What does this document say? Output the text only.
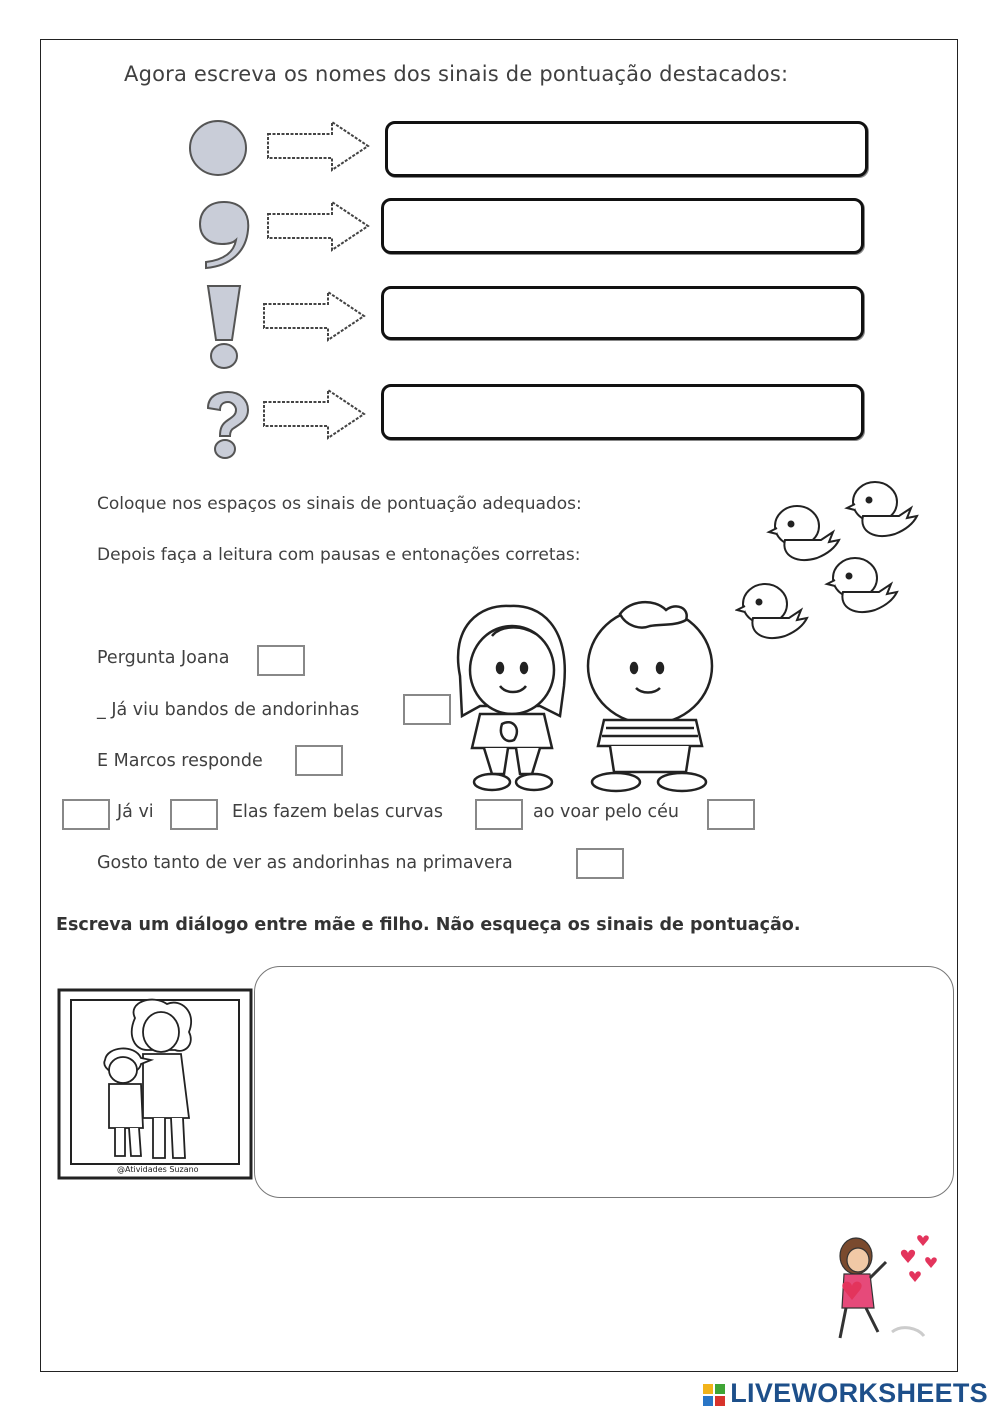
Agora escreva os nomes dos sinais de pontuação destacados:
Coloque nos espaços os sinais de pontuação adequados:
Depois faça a leitura com pausas e entonações corretas:
Pergunta Joana
_ Já viu bandos de andorinhas
E Marcos responde
Já vi	Elas fazem belas curvas	ao voar pelo céu
Gosto tanto de ver as andorinhas na primavera
Escreva um diálogo entre mãe e filho. Não esqueça os sinais de pontuação.
@Atividades Suzano
LIVEWORKSHEETS
